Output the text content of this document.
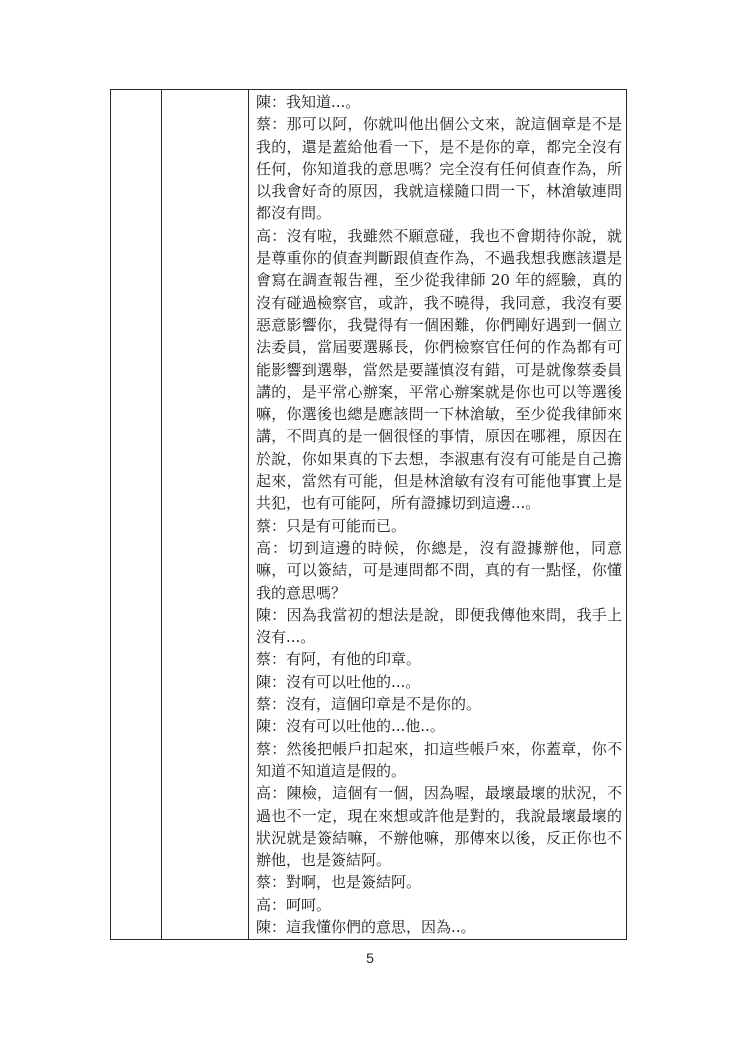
陳：我知道...。

蔡：那可以阿，你就叫他出個公文來，說這個章是不是我的，還是蓋給他看一下，是不是你的章，都完全沒有任何，你知道我的意思嗎？完全沒有任何偵查作為，所以我會好奇的原因，我就這樣隨口問一下，林滄敏連問都沒有問。

高：沒有啦，我雖然不願意碰，我也不會期待你說，就是尊重你的偵查判斷跟偵查作為，不過我想我應該還是會寫在調查報告裡，至少從我律師 20 年的經驗，真的沒有碰過檢察官，或許，我不曉得，我同意，我沒有要惡意影響你，我覺得有一個困難，你們剛好遇到一個立法委員，當屆要選縣長，你們檢察官任何的作為都有可能影響到選舉，當然是要謹慎沒有錯，可是就像蔡委員講的，是平常心辦案，平常心辦案就是你也可以等選後嘛，你選後也總是應該問一下林滄敏，至少從我律師來講，不問真的是一個很怪的事情，原因在哪裡，原因在於說，你如果真的下去想，李淑惠有沒有可能是自己擔起來，當然有可能，但是林滄敏有沒有可能他事實上是共犯，也有可能阿，所有證據切到這邊...。

蔡：只是有可能而已。

高：切到這邊的時候，你總是，沒有證據辦他，同意嘛，可以簽結，可是連問都不問，真的有一點怪，你懂我的意思嗎？

陳：因為我當初的想法是說，即便我傳他來問，我手上沒有...。

蔡：有阿，有他的印章。

陳：沒有可以吐他的...。

蔡：沒有，這個印章是不是你的。

陳：沒有可以吐他的...他..。

蔡：然後把帳戶扣起來，扣這些帳戶來，你蓋章，你不知道不知道這是假的。

高：陳檢，這個有一個，因為喔，最壞最壞的狀況，不過也不一定，現在來想或許他是對的，我說最壞最壞的狀況就是簽結嘛，不辦他嘛，那傳來以後，反正你也不辦他，也是簽結阿。

蔡：對啊，也是簽結阿。

高：呵呵。

陳：這我懂你們的意思，因為..。

5
